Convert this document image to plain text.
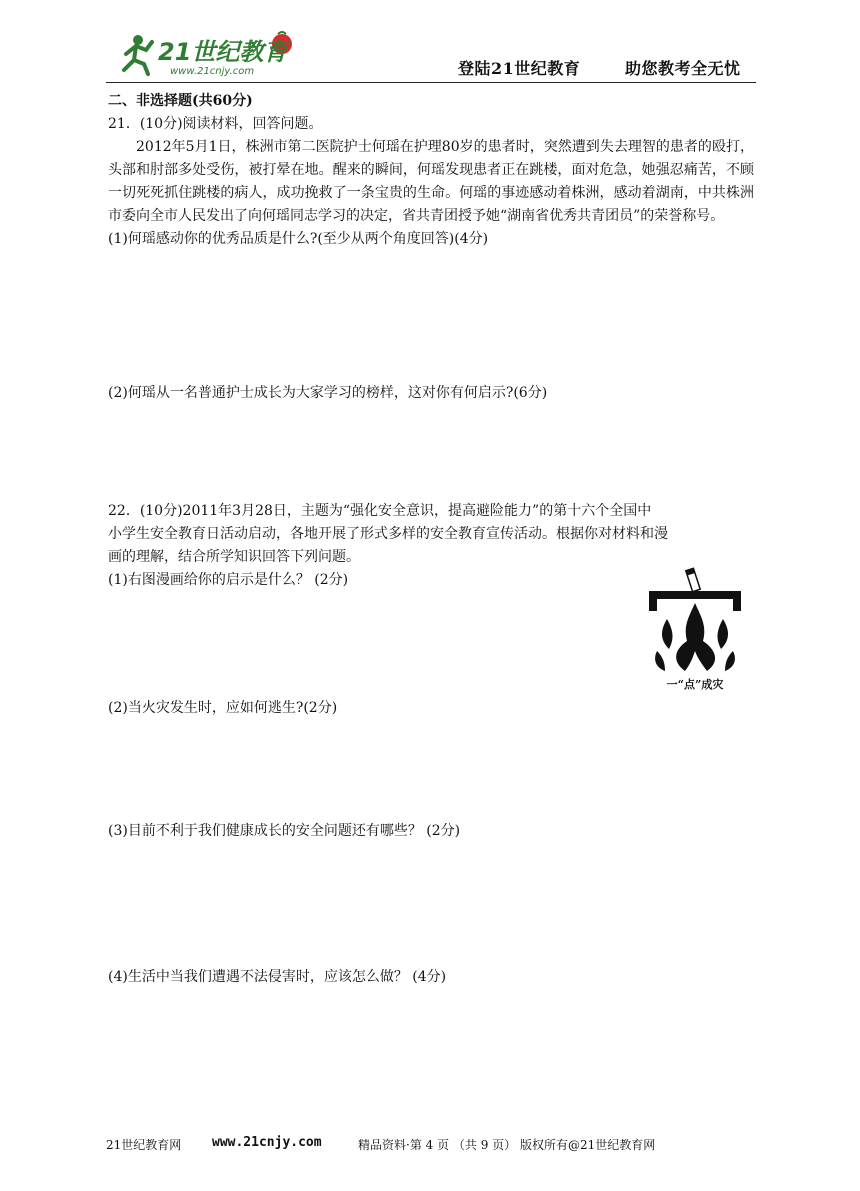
21世纪教育
www.21cnjy.com	登陆21世纪教育	助您教考全无忧
二、非选择题(共60分)
21．(10分)阅读材料，回答问题。
2012年5月1日，株洲市第二医院护士何瑶在护理80岁的患者时，突然遭到失去理智的患者的殴打，头部和肘部多处受伤，被打晕在地。醒来的瞬间，何瑶发现患者正在跳楼，面对危急，她强忍痛苦，不顾一切死死抓住跳楼的病人，成功挽救了一条宝贵的生命。何瑶的事迹感动着株洲，感动着湖南，中共株洲市委向全市人民发出了向何瑶同志学习的决定，省共青团授予她“湖南省优秀共青团员”的荣誉称号。
(1)何瑶感动你的优秀品质是什么?(至少从两个角度回答)(4分)
(2)何瑶从一名普通护士成长为大家学习的榜样，这对你有何启示?(6分)
22．(10分)2011年3月28日，主题为“强化安全意识，提高避险能力”的第十六个全国中
小学生安全教育日活动启动，各地开展了形式多样的安全教育宣传活动。根据你对材料和漫
画的理解，结合所学知识回答下列问题。
(1)右图漫画给你的启示是什么？ (2分)
一“点”成灾
(2)当火灾发生时，应如何逃生?(2分)
(3)目前不利于我们健康成长的安全问题还有哪些？ (2分)
(4)生活中当我们遭遇不法侵害时，应该怎么做？ (4分)
21世纪教育网 www.21cnjy.com	精品资料·第 4 页 （共 9 页） 版权所有@21世纪教育网
